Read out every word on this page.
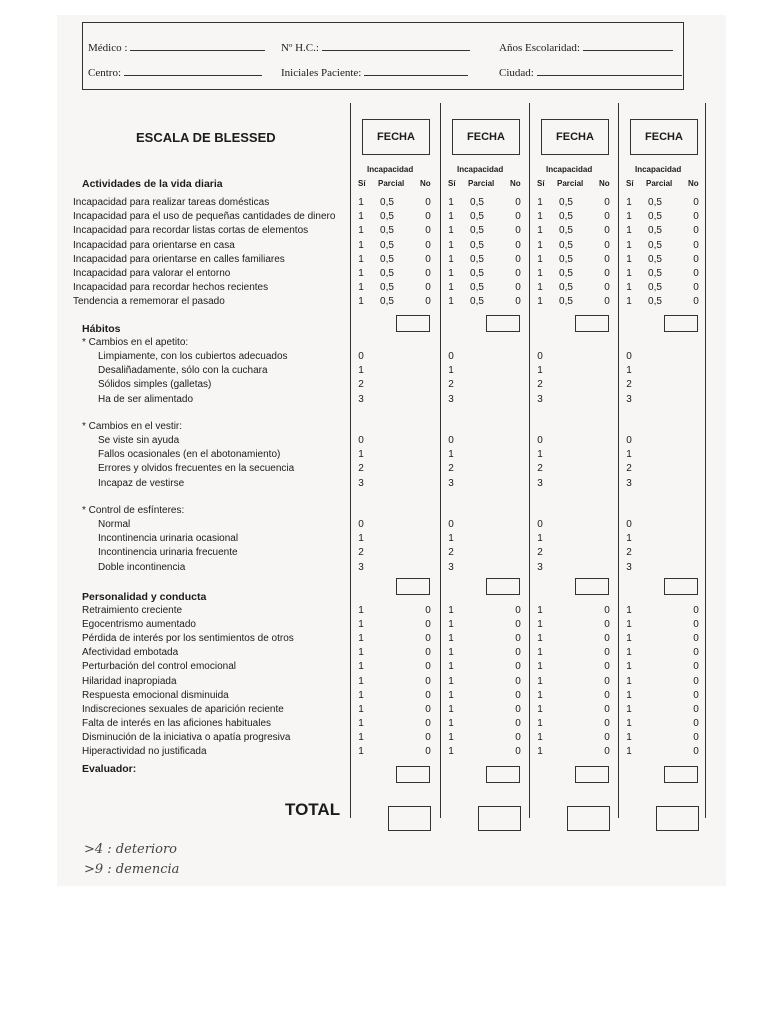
Médico :	Nº H.C.:	Años Escolaridad:
Centro:	Iniciales Paciente:	Ciudad:
ESCALA DE BLESSED	FECHA
Incapacidad
Sí Parcial No
FECHA
Incapacidad
Sí Parcial No
FECHA
Incapacidad
Sí Parcial No
FECHA
Incapacidad
Sí Parcial No
Actividades de la vida diaria
Incapacidad para realizar tareas domésticas	1	0,5	0	1	0,5	0	1	0,5	0	1	0,5	0
Incapacidad para el uso de pequeñas cantidades de dinero	1	0,5	0	1	0,5	0	1	0,5	0	1	0,5	0
Incapacidad para recordar listas cortas de elementos	1	0,5	0	1	0,5	0	1	0,5	0	1	0,5	0
Incapacidad para orientarse en casa	1	0,5	0	1	0,5	0	1	0,5	0	1	0,5	0
Incapacidad para orientarse en calles familiares	1	0,5	0	1	0,5	0	1	0,5	0	1	0,5	0
Incapacidad para valorar el entorno	1	0,5	0	1	0,5	0	1	0,5	0	1	0,5	0
Incapacidad para recordar hechos recientes	1	0,5	0	1	0,5	0	1	0,5	0	1	0,5	0
Tendencia a rememorar el pasado	1	0,5	0	1	0,5	0	1	0,5	0	1	0,5	0
Hábitos
* Cambios en el apetito:
Limpiamente, con los cubiertos adecuados	0	0	0	0
Desaliñadamente, sólo con la cuchara	1	1	1	1
Sólidos simples (galletas)	2	2	2	2
Ha de ser alimentado	3	3	3	3
* Cambios en el vestir:
Se viste sin ayuda	0	0	0	0
Fallos ocasionales (en el abotonamiento)	1	1	1	1
Errores y olvidos frecuentes en la secuencia	2	2	2	2
Incapaz de vestirse	3	3	3	3
* Control de esfínteres:
Normal	0	0	0	0
Incontinencia urinaria ocasional	1	1	1	1
Incontinencia urinaria frecuente	2	2	2	2
Doble incontinencia	3	3	3	3
Personalidad y conducta
Retraimiento creciente	1	0	1	0	1	0	1	0
Egocentrismo aumentado	1	0	1	0	1	0	1	0
Pérdida de interés por los sentimientos de otros	1	0	1	0	1	0	1	0
Afectividad embotada	1	0	1	0	1	0	1	0
Perturbación del control emocional	1	0	1	0	1	0	1	0
Hilaridad inapropiada	1	0	1	0	1	0	1	0
Respuesta emocional disminuida	1	0	1	0	1	0	1	0
Indiscreciones sexuales de aparición reciente	1	0	1	0	1	0	1	0
Falta de interés en las aficiones habituales	1	0	1	0	1	0	1	0
Disminución de la iniciativa o apatía progresiva	1	0	1	0	1	0	1	0
Hiperactividad no justificada	1	0	1	0	1	0	1	0
Evaluador:
TOTAL
>4 : deterioro
>9 : demencia
